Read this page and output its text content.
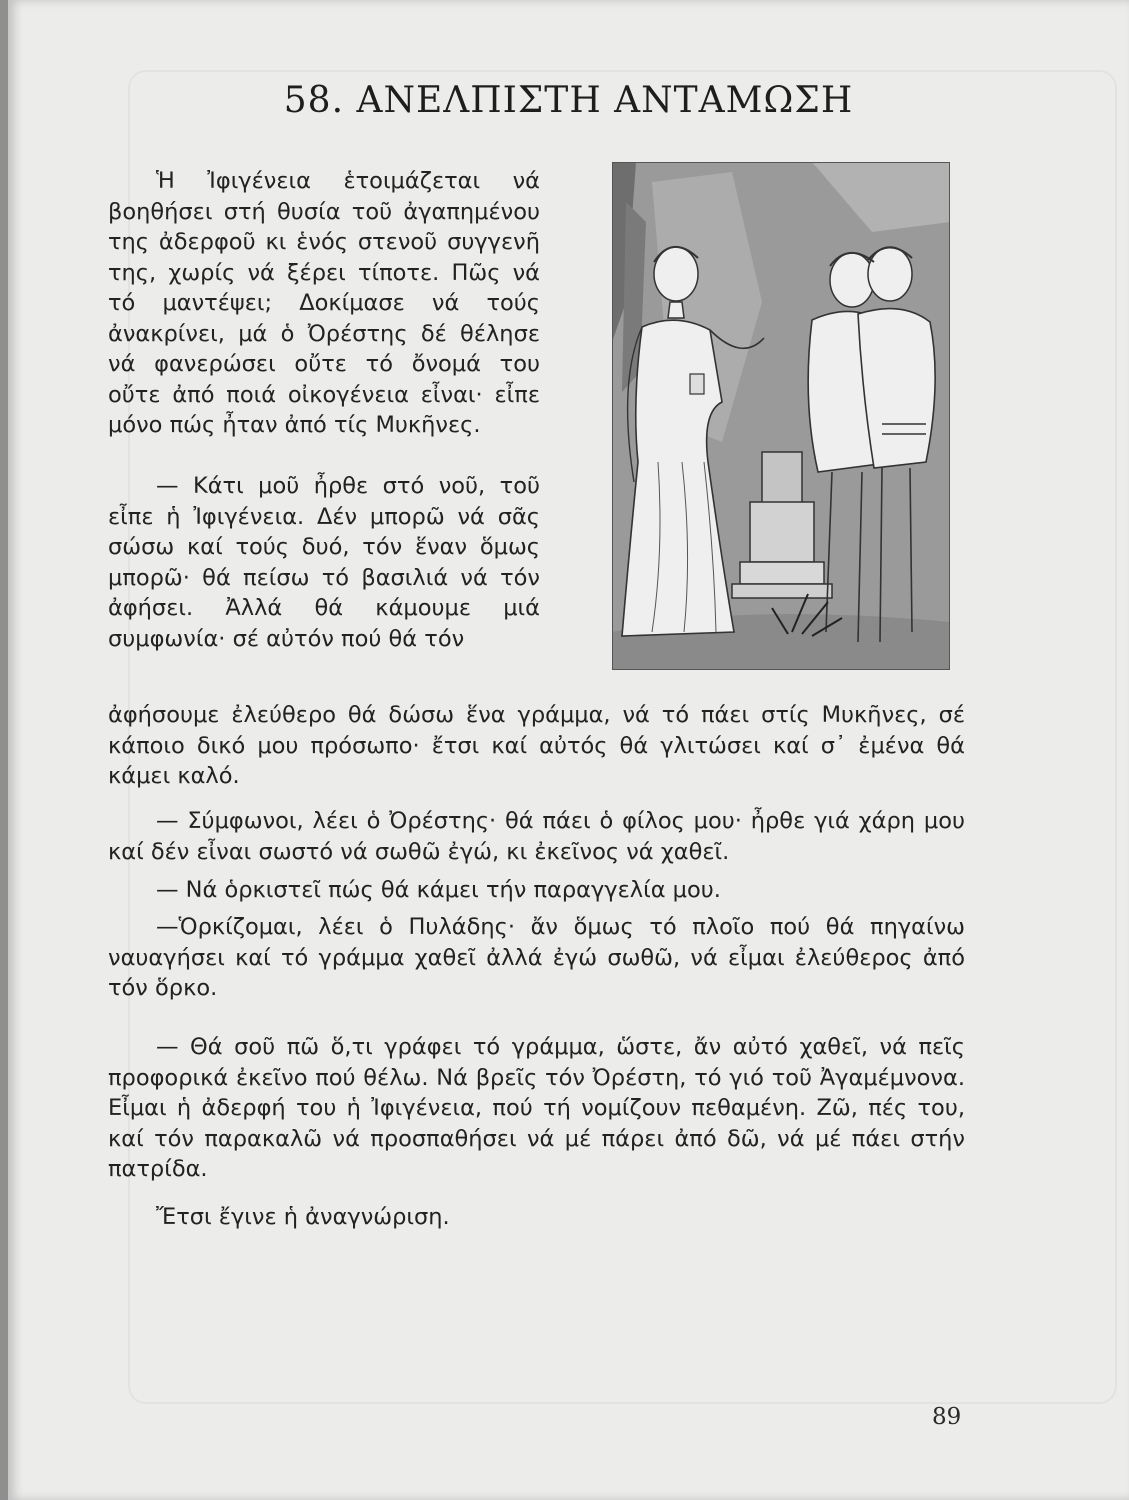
58. ΑΝΕΛΠΙΣΤΗ ΑΝΤΑΜΩΣΗ

Ἡ Ἰφιγένεια ἑτοιμάζεται νά βοηθήσει στή θυσία τοῦ ἀγαπημένου της ἀδερφοῦ κι ἑνός στενοῦ συγγενῆ της, χωρίς νά ξέρει τίποτε. Πῶς νά τό μαντέψει; Δοκίμασε νά τούς ἀνακρίνει, μά ὁ Ὀρέστης δέ θέλησε νά φανερώσει οὔτε τό ὄνομά του οὔτε ἀπό ποιά οἰκογένεια εἶναι· εἶπε μόνο πώς ἦταν ἀπό τίς Μυκῆνες.

— Κάτι μοῦ ἦρθε στό νοῦ, τοῦ εἶπε ἡ Ἰφιγένεια. Δέν μπορῶ νά σᾶς σώσω καί τούς δυό, τόν ἕναν ὅμως μπορῶ· θά πείσω τό βασιλιά νά τόν ἀφήσει. Ἀλλά θά κάμουμε μιά συμφωνία· σέ αὐτόν πού θά τόν

ἀφήσουμε ἐλεύθερο θά δώσω ἕνα γράμμα, νά τό πάει στίς Μυκῆνες, σέ κάποιο δικό μου πρόσωπο· ἔτσι καί αὐτός θά γλιτώσει καί σ᾿ ἐμένα θά κάμει καλό.

— Σύμφωνοι, λέει ὁ Ὀρέστης· θά πάει ὁ φίλος μου· ἦρθε γιά χάρη μου καί δέν εἶναι σωστό νά σωθῶ ἐγώ, κι ἐκεῖνος νά χαθεῖ.

— Νά ὁρκιστεῖ πώς θά κάμει τήν παραγγελία μου.

—Ὁρκίζομαι, λέει ὁ Πυλάδης· ἄν ὅμως τό πλοῖο πού θά πηγαίνω ναυαγήσει καί τό γράμμα χαθεῖ ἀλλά ἐγώ σωθῶ, νά εἶμαι ἐλεύθερος ἀπό τόν ὅρκο.

— Θά σοῦ πῶ ὅ,τι γράφει τό γράμμα, ὥστε, ἄν αὐτό χαθεῖ, νά πεῖς προφορικά ἐκεῖνο πού θέλω. Νά βρεῖς τόν Ὀρέστη, τό γιό τοῦ Ἀγαμέμνονα. Εἶμαι ἡ ἀδερφή του ἡ Ἰφιγένεια, πού τή νομίζουν πεθαμένη. Ζῶ, πές του, καί τόν παρακαλῶ νά προσπαθήσει νά μέ πάρει ἀπό δῶ, νά μέ πάει στήν πατρίδα.

Ἔτσι ἔγινε ἡ ἀναγνώριση.

89
